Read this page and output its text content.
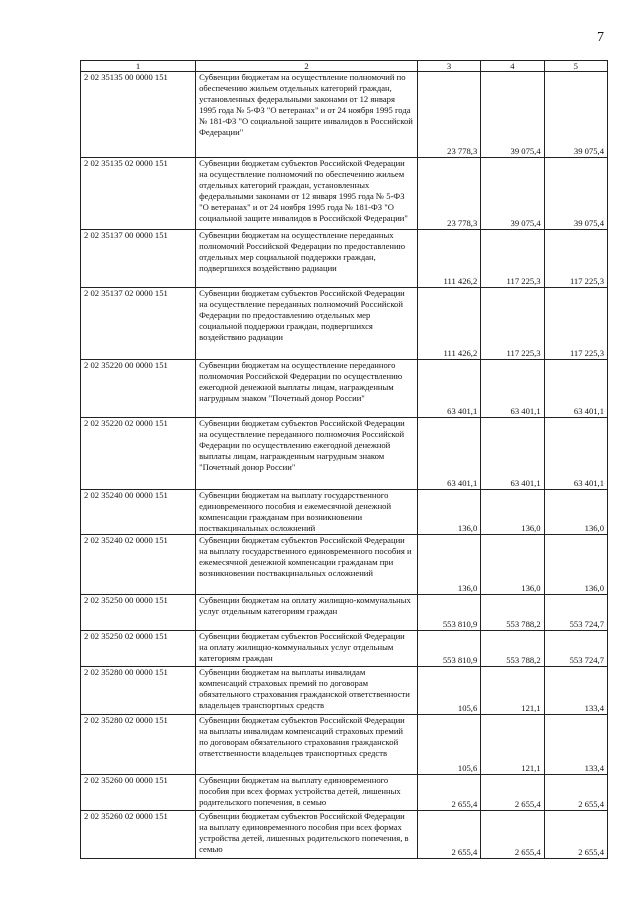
7
1	2	3	4	5
2 02 35135 00 0000 151	Субвенции бюджетам на осуществление полномочий по обеспечению жильем отдельных категорий граждан, установленных федеральными законами от 12 января 1995 года № 5-ФЗ "О ветеранах" и от 24 ноября 1995 года № 181-ФЗ "О социальной защите инвалидов в Российской Федерации"	23 778,3	39 075,4	39 075,4
2 02 35135 02 0000 151	Субвенции бюджетам субъектов Российской Федерации на осуществление полномочий по обеспечению жильем отдельных категорий граждан, установленных федеральными законами от 12 января 1995 года № 5-ФЗ "О ветеранах" и от 24 ноября 1995 года № 181-ФЗ "О социальной защите инвалидов в Российской Федерации"	23 778,3	39 075,4	39 075,4
2 02 35137 00 0000 151	Субвенции бюджетам на осуществление переданных полномочий Российской Федерации по предоставлению отдельных мер социальной поддержки граждан, подвергшихся воздействию радиации	111 426,2	117 225,3	117 225,3
2 02 35137 02 0000 151	Субвенции бюджетам субъектов Российской Федерации на осуществление переданных полномочий Российской Федерации по предоставлению отдельных мер социальной поддержки граждан, подвергшихся воздействию радиации	111 426,2	117 225,3	117 225,3
2 02 35220 00 0000 151	Субвенции бюджетам на осуществление переданного полномочия Российской Федерации по осуществлению ежегодной денежной выплаты лицам, награжденным нагрудным знаком "Почетный донор России"	63 401,1	63 401,1	63 401,1
2 02 35220 02 0000 151	Субвенции бюджетам субъектов Российской Федерации на осуществление переданного полномочия Российской Федерации по осуществлению ежегодной денежной выплаты лицам, награжденным нагрудным знаком "Почетный донор России"	63 401,1	63 401,1	63 401,1
2 02 35240 00 0000 151	Субвенции бюджетам на выплату государственного единовременного пособия и ежемесячной денежной компенсации гражданам при возникновении поствакцинальных осложнений	136,0	136,0	136,0
2 02 35240 02 0000 151	Субвенции бюджетам субъектов Российской Федерации на выплату государственного единовременного пособия и ежемесячной денежной компенсации гражданам при возникновении поствакцинальных осложнений	136,0	136,0	136,0
2 02 35250 00 0000 151	Субвенции бюджетам на оплату жилищно-коммунальных услуг отдельным категориям граждан	553 810,9	553 788,2	553 724,7
2 02 35250 02 0000 151	Субвенции бюджетам субъектов Российской Федерации на оплату жилищно-коммунальных услуг отдельным категориям граждан	553 810,9	553 788,2	553 724,7
2 02 35280 00 0000 151	Субвенции бюджетам на выплаты инвалидам компенсаций страховых премий по договорам обязательного страхования гражданской ответственности владельцев транспортных средств	105,6	121,1	133,4
2 02 35280 02 0000 151	Субвенции бюджетам субъектов Российской Федерации на выплаты инвалидам компенсаций страховых премий по договорам обязательного страхования гражданской ответственности владельцев транспортных средств	105,6	121,1	133,4
2 02 35260 00 0000 151	Субвенции бюджетам на выплату единовременного пособия при всех формах устройства детей, лишенных родительского попечения, в семью	2 655,4	2 655,4	2 655,4
2 02 35260 02 0000 151	Субвенции бюджетам субъектов Российской Федерации на выплату единовременного пособия при всех формах устройства детей, лишенных родительского попечения, в семью	2 655,4	2 655,4	2 655,4
